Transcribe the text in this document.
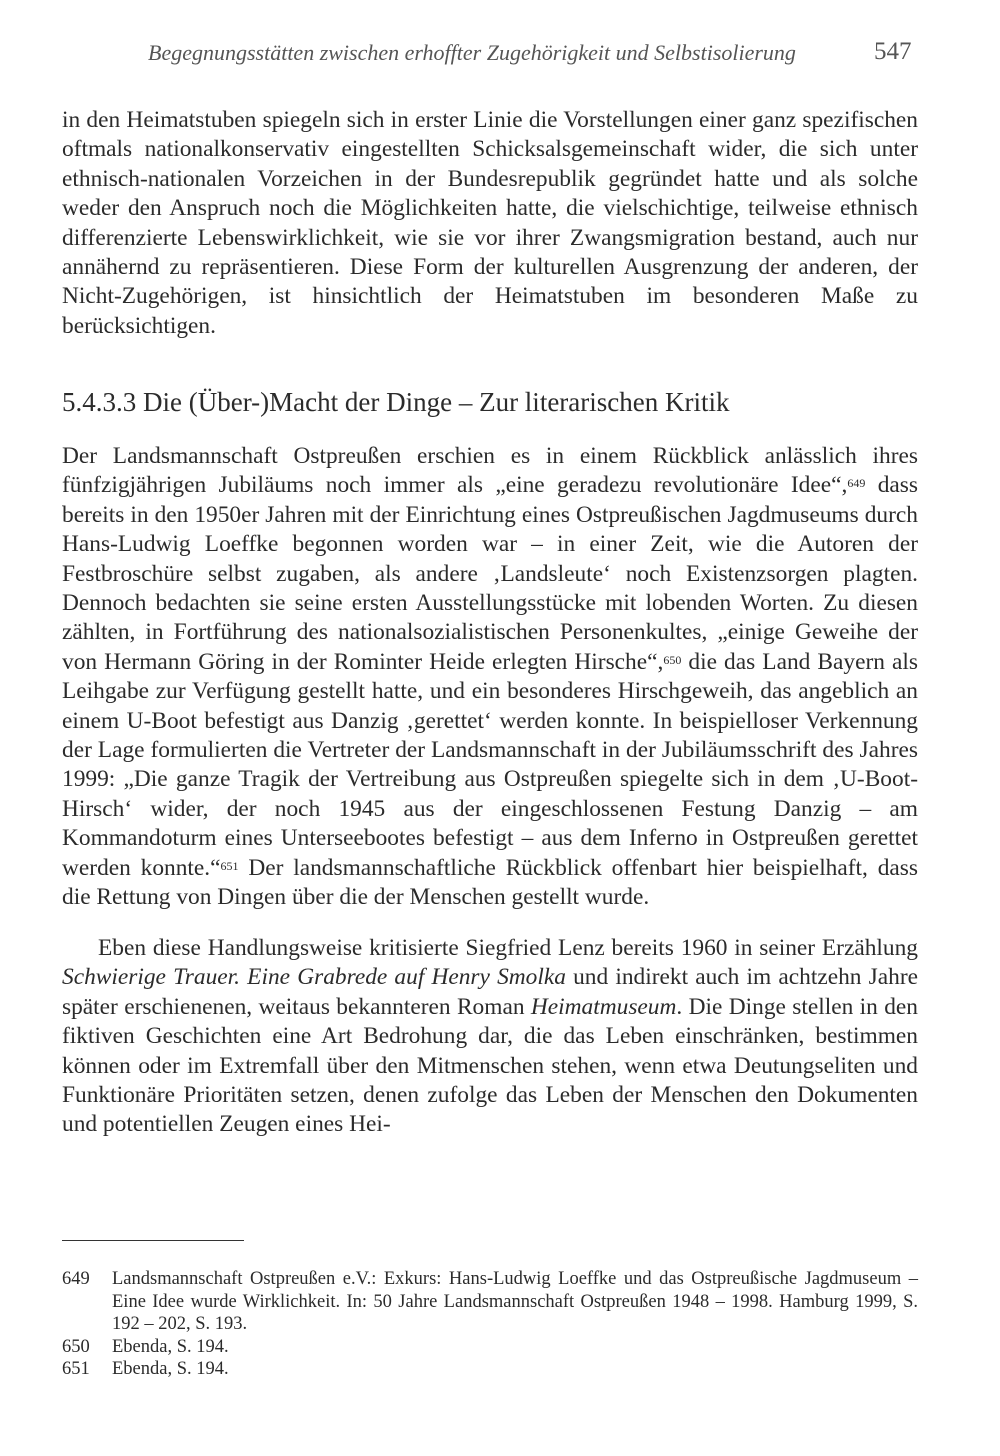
Begegnungsstätten zwischen erhoffter Zugehörigkeit und Selbstisolierung	547

in den Heimatstuben spiegeln sich in erster Linie die Vorstellungen einer ganz spezifischen oftmals nationalkonservativ eingestellten Schicksalsgemeinschaft wider, die sich unter ethnisch-nationalen Vorzeichen in der Bundesrepublik gegründet hatte und als solche weder den Anspruch noch die Möglichkeiten hatte, die vielschichtige, teilweise ethnisch differenzierte Lebenswirklichkeit, wie sie vor ihrer Zwangsmigration bestand, auch nur annähernd zu repräsentieren. Diese Form der kulturellen Ausgrenzung der anderen, der Nicht-Zugehörigen, ist hinsichtlich der Heimatstuben im besonderen Maße zu berücksichtigen.

5.4.3.3 Die (Über-)Macht der Dinge – Zur literarischen Kritik

Der Landsmannschaft Ostpreußen erschien es in einem Rückblick anlässlich ihres fünfzigjährigen Jubiläums noch immer als „eine geradezu revolutionäre Idee“,$^{649}$ dass bereits in den 1950er Jahren mit der Einrichtung eines Ostpreußischen Jagdmuseums durch Hans-Ludwig Loeffke begonnen worden war – in einer Zeit, wie die Autoren der Festbroschüre selbst zugaben, als andere ‚Landsleute‘ noch Existenzsorgen plagten. Dennoch bedachten sie seine ersten Ausstellungsstücke mit lobenden Worten. Zu diesen zählten, in Fortführung des nationalsozialistischen Personenkultes, „einige Geweihe der von Hermann Göring in der Rominter Heide erlegten Hirsche“,$^{650}$ die das Land Bayern als Leihgabe zur Verfügung gestellt hatte, und ein besonderes Hirschgeweih, das angeblich an einem U-Boot befestigt aus Danzig ‚gerettet‘ werden konnte. In beispielloser Verkennung der Lage formulierten die Vertreter der Landsmannschaft in der Jubiläumsschrift des Jahres 1999: „Die ganze Tragik der Vertreibung aus Ostpreußen spiegelte sich in dem ‚U-Boot-Hirsch‘ wider, der noch 1945 aus der eingeschlossenen Festung Danzig – am Kommandoturm eines Unterseebootes befestigt – aus dem Inferno in Ostpreußen gerettet werden konnte.“$^{651}$ Der landsmannschaftliche Rückblick offenbart hier beispielhaft, dass die Rettung von Dingen über die der Menschen gestellt wurde.

Eben diese Handlungsweise kritisierte Siegfried Lenz bereits 1960 in seiner Erzählung Schwierige Trauer. Eine Grabrede auf Henry Smolka und indirekt auch im achtzehn Jahre später erschienenen, weitaus bekannteren Roman Heimatmuseum. Die Dinge stellen in den fiktiven Geschichten eine Art Bedrohung dar, die das Leben einschränken, bestimmen können oder im Extremfall über den Mitmenschen stehen, wenn etwa Deutungseliten und Funktionäre Prioritäten setzen, denen zufolge das Leben der Menschen den Dokumenten und potentiellen Zeugen eines Hei-

649	Landsmannschaft Ostpreußen e.V.: Exkurs: Hans-Ludwig Loeffke und das Ostpreußische Jagdmuseum – Eine Idee wurde Wirklichkeit. In: 50 Jahre Landsmannschaft Ostpreußen 1948 – 1998. Hamburg 1999, S. 192 – 202, S. 193.
650	Ebenda, S. 194.
651	Ebenda, S. 194.
